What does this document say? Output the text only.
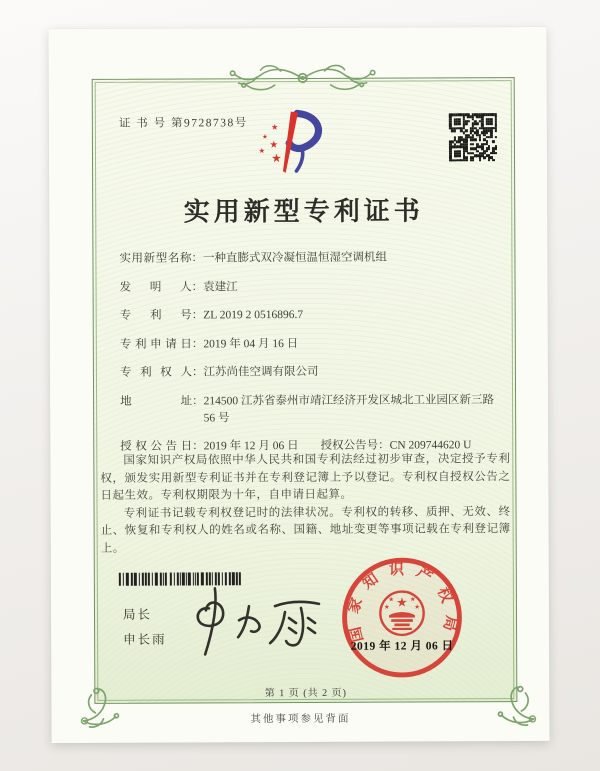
证 书 号 第9728738号	★
★
★
★
★
实用新型专利证书
实用新型名称：一种直膨式双冷凝恒温恒湿空调机组
发明人：袁建江
专利号：ZL 2019 2 0516896.7
专利申请日：2019 年 04 月 16 日
专利权人：江苏尚佳空调有限公司
地址：214500 江苏省泰州市靖江经济开发区城北工业园区新三路 56 号
授权公告日：2019 年 12 月 06 日 授权公告号：CN 209744620 U

国家知识产权局依照中华人民共和国专利法经过初步审查，决定授予专利权，颁发实用新型专利证书并在专利登记簿上予以登记。专利权自授权公告之日起生效。专利权期限为十年，自申请日起算。

专利证书记载专利权登记时的法律状况。专利权的转移、质押、无效、终止、恢复和专利权人的姓名或名称、国籍、地址变更等事项记载在专利登记簿上。

局长
申长雨	国家知识产权局
★
★	★
★	★
2019 年 12 月 06 日
第 1 页 (共 2 页)
其他事项参见背面
